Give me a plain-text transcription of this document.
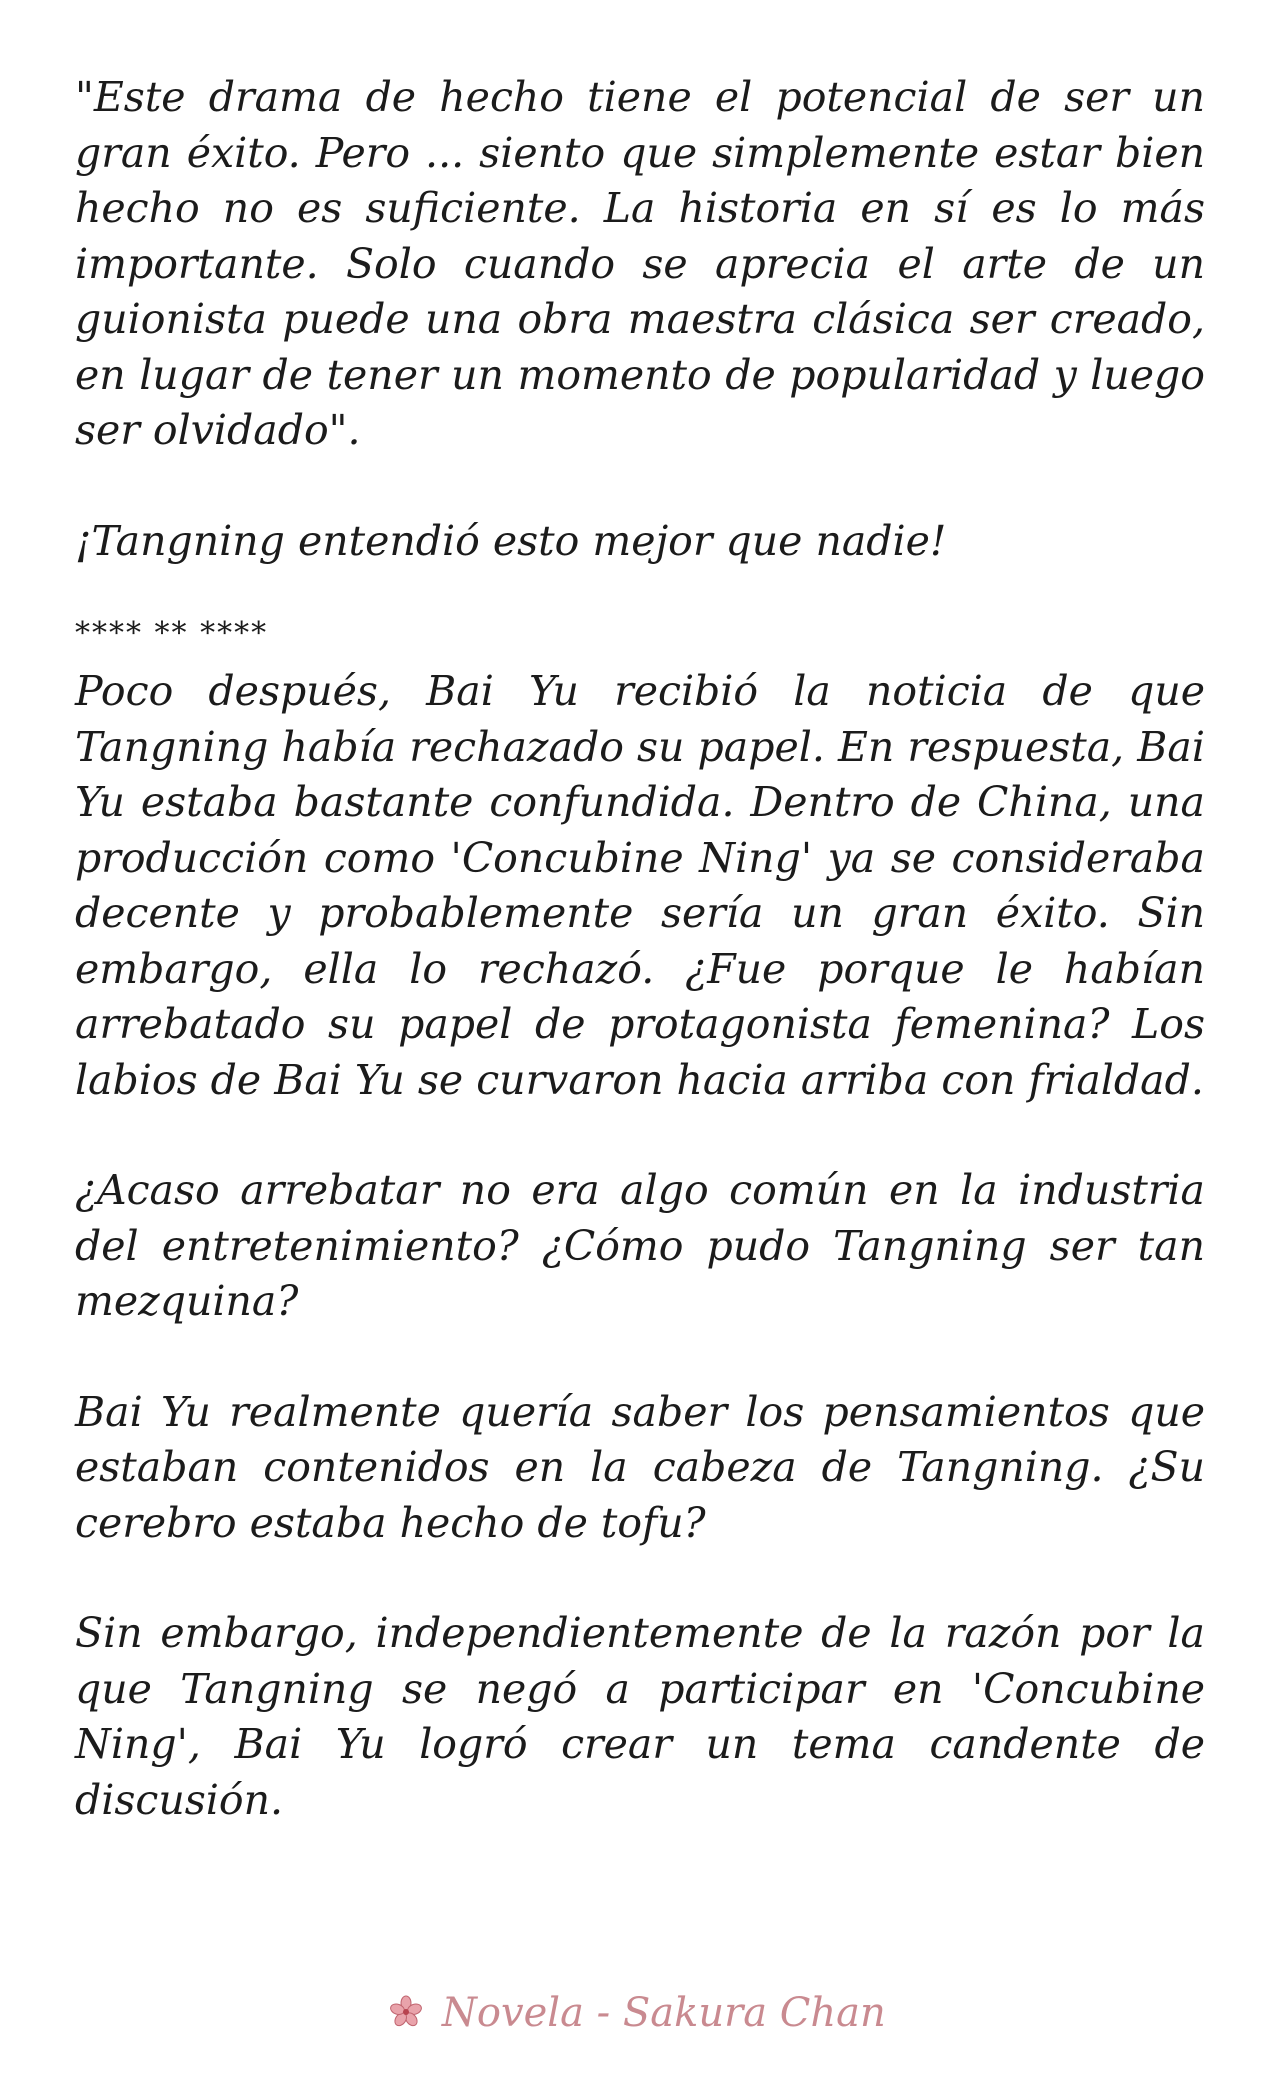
"Este drama de hecho tiene el potencial de ser un gran éxito. Pero ... siento que simplemente estar bien hecho no es suficiente. La historia en sí es lo más importante. Solo cuando se aprecia el arte de un guionista puede una obra maestra clásica ser creado, en lugar de tener un momento de popularidad y luego ser olvidado".

¡Tangning entendió esto mejor que nadie!

**** ** ****

Poco después, Bai Yu recibió la noticia de que Tangning había rechazado su papel. En respuesta, Bai Yu estaba bastante confundida. Dentro de China, una producción como 'Concubine Ning' ya se consideraba decente y probablemente sería un gran éxito. Sin embargo, ella lo rechazó. ¿Fue porque le habían arrebatado su papel de protagonista femenina? Los labios de Bai Yu se curvaron hacia arriba con frialdad.

¿Acaso arrebatar no era algo común en la industria del entretenimiento? ¿Cómo pudo Tangning ser tan mezquina?

Bai Yu realmente quería saber los pensamientos que estaban contenidos en la cabeza de Tangning. ¿Su cerebro estaba hecho de tofu?

Sin embargo, independientemente de la razón por la que Tangning se negó a participar en 'Concubine Ning', Bai Yu logró crear un tema candente de discusión.

Novela - Sakura Chan
